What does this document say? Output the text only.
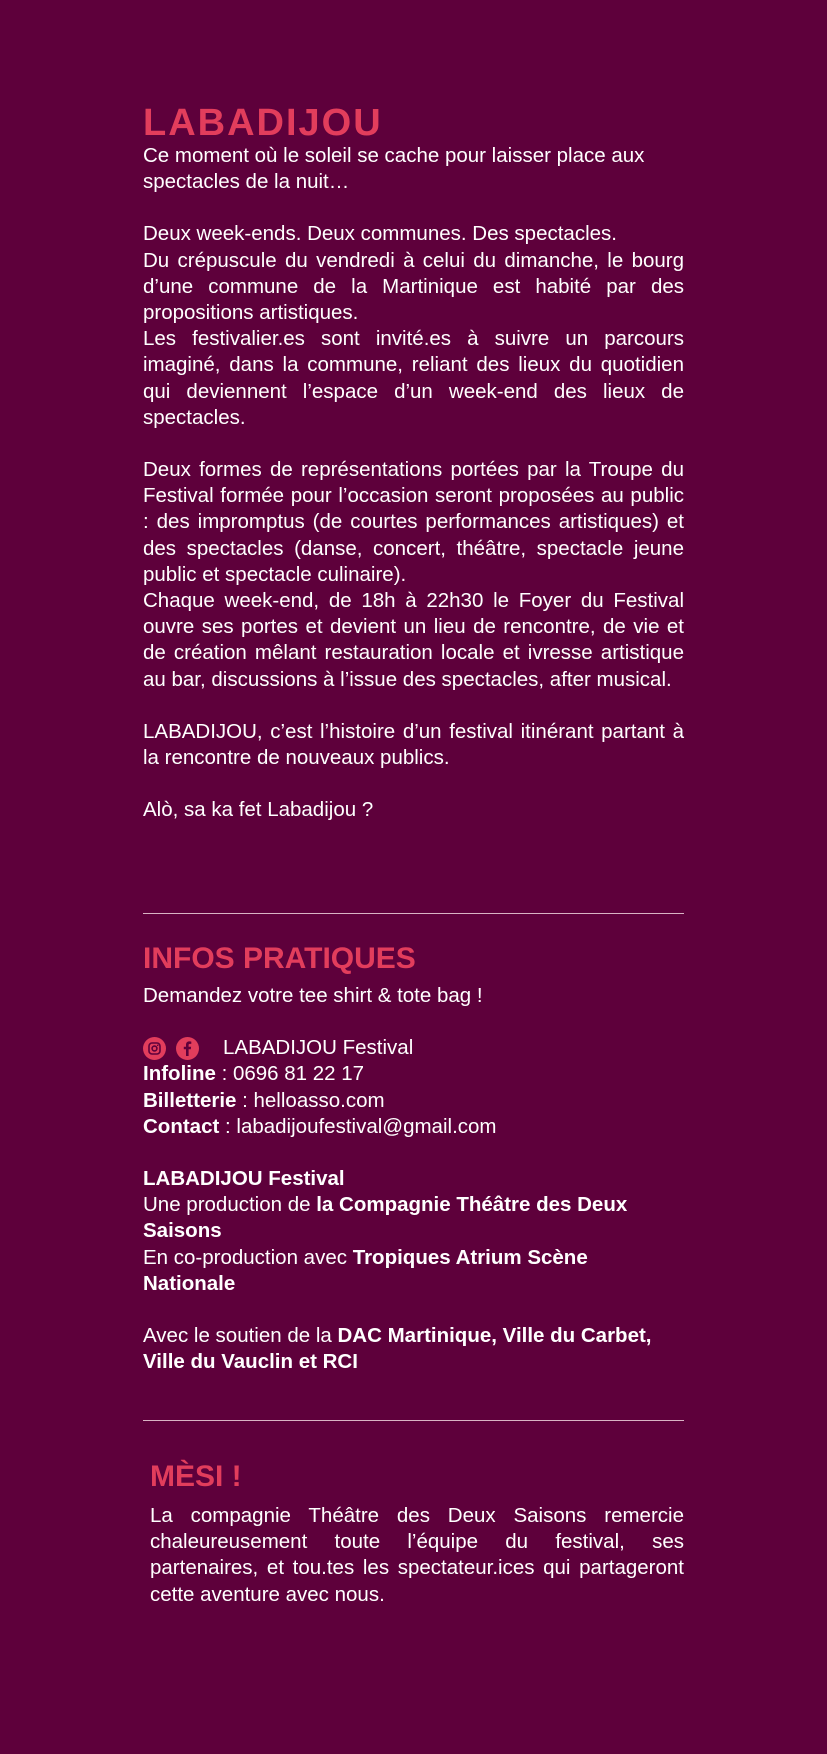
LABADIJOU

Ce moment où le soleil se cache pour laisser place aux spectacles de la nuit…

Deux week-ends. Deux communes. Des spectacles.

Du crépuscule du vendredi à celui du dimanche, le bourg d’une commune de la Martinique est habité par des propositions artistiques.

Les festivalier.es sont invité.es à suivre un parcours imaginé, dans la commune, reliant des lieux du quotidien qui deviennent l’espace d’un week-end des lieux de spectacles.

Deux formes de représentations portées par la Troupe du Festival formée pour l’occasion seront proposées au public : des impromptus (de courtes performances artistiques) et des spectacles (danse, concert, théâtre, spectacle jeune public et spectacle culinaire).

Chaque week-end, de 18h à 22h30 le Foyer du Festival ouvre ses portes et devient un lieu de rencontre, de vie et de création mêlant restauration locale et ivresse artistique au bar, discussions à l’issue des spectacles, after musical.

LABADIJOU, c’est l’histoire d’un festival itinérant partant à la rencontre de nouveaux publics.

Alò, sa ka fet Labadijou ?

INFOS PRATIQUES

Demandez votre tee shirt & tote bag !

LABADIJOU Festival

Infoline : 0696 81 22 17

Billetterie : helloasso.com

Contact : labadijoufestival@gmail.com

LABADIJOU Festival

Une production de la Compagnie Théâtre des Deux Saisons

En co-production avec Tropiques Atrium Scène Nationale

Avec le soutien de la DAC Martinique, Ville du Carbet, Ville du Vauclin et RCI

MÈSI !

La compagnie Théâtre des Deux Saisons remercie chaleureusement toute l’équipe du festival, ses partenaires, et tou.tes les spectateur.ices qui partageront cette aventure avec nous.
